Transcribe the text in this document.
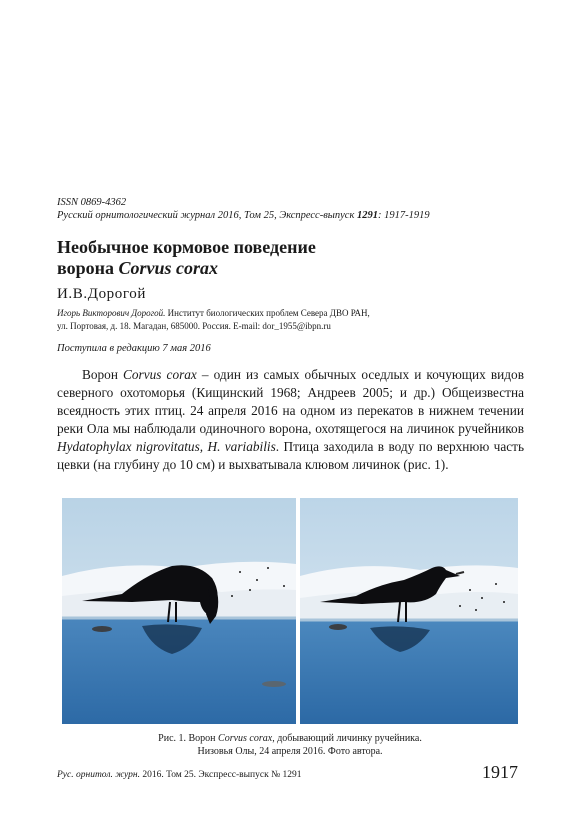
ISSN 0869-4362
Русский орнитологический журнал 2016, Том 25, Экспресс-выпуск 1291: 1917-1919
Необычное кормовое поведение
ворона Corvus corax
И.В.Дорогой
Игорь Викторович Дорогой. Институт биологических проблем Севера ДВО РАН,
ул. Портовая, д. 18. Магадан, 685000. Россия. E-mail: dor_1955@ibpn.ru
Поступила в редакцию 7 мая 2016
Ворон Corvus corax – один из самых обычных оседлых и кочующих видов северного охотоморья (Кищинский 1968; Андреев 2005; и др.) Общеизвестна всеядность этих птиц. 24 апреля 2016 на одном из перекатов в нижнем течении реки Ола мы наблюдали одиночного ворона, охотящегося на личинок ручейников Hydatophylax nigrovitatus, H. variabilis. Птица заходила в воду по верхнюю часть цевки (на глубину до 10 см) и выхватывала клювом личинок (рис. 1).
Рис. 1. Ворон Corvus corax, добывающий личинку ручейника.
Низовья Олы, 24 апреля 2016. Фото автора.
Рус. орнитол. журн. 2016. Том 25. Экспресс-выпуск № 1291	1917
